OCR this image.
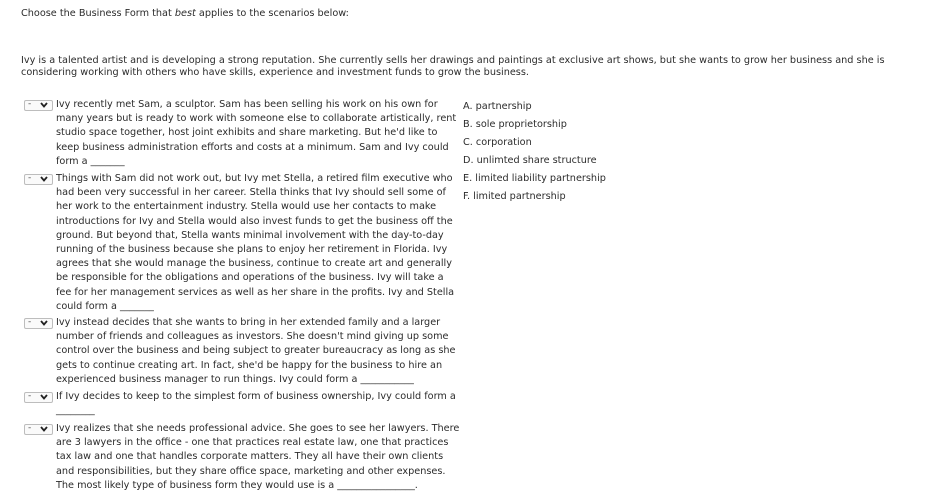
Choose the Business Form that best applies to the scenarios below:
Ivy is a talented artist and is developing a strong reputation. She currently sells her drawings and paintings at exclusive art shows, but she wants to grow her business and she is considering working with others who have skills, experience and investment funds to grow the business.
-	Ivy recently met Sam, a sculptor. Sam has been selling his work on his own for many years but is ready to work with someone else to collaborate artistically, rent studio space together, host joint exhibits and share marketing. But he'd like to keep business administration efforts and costs at a minimum. Sam and Ivy could form a _______
-	Things with Sam did not work out, but Ivy met Stella, a retired film executive who had been very successful in her career. Stella thinks that Ivy should sell some of her work to the entertainment industry. Stella would use her contacts to make introductions for Ivy and Stella would also invest funds to get the business off the ground. But beyond that, Stella wants minimal involvement with the day-to-day running of the business because she plans to enjoy her retirement in Florida. Ivy agrees that she would manage the business, continue to create art and generally be responsible for the obligations and operations of the business. Ivy will take a fee for her management services as well as her share in the profits. Ivy and Stella could form a _______
-	Ivy instead decides that she wants to bring in her extended family and a larger number of friends and colleagues as investors. She doesn't mind giving up some control over the business and being subject to greater bureaucracy as long as she gets to continue creating art. In fact, she'd be happy for the business to hire an experienced business manager to run things. Ivy could form a ___________
-	If Ivy decides to keep to the simplest form of business ownership, Ivy could form a ________
-	Ivy realizes that she needs professional advice. She goes to see her lawyers. There are 3 lawyers in the office - one that practices real estate law, one that practices tax law and one that handles corporate matters. They all have their own clients and responsibilities, but they share office space, marketing and other expenses. The most likely type of business form they would use is a ________________.
A. partnership
B. sole proprietorship
C. corporation
D. unlimted share structure
E. limited liability partnership
F. limited partnership
